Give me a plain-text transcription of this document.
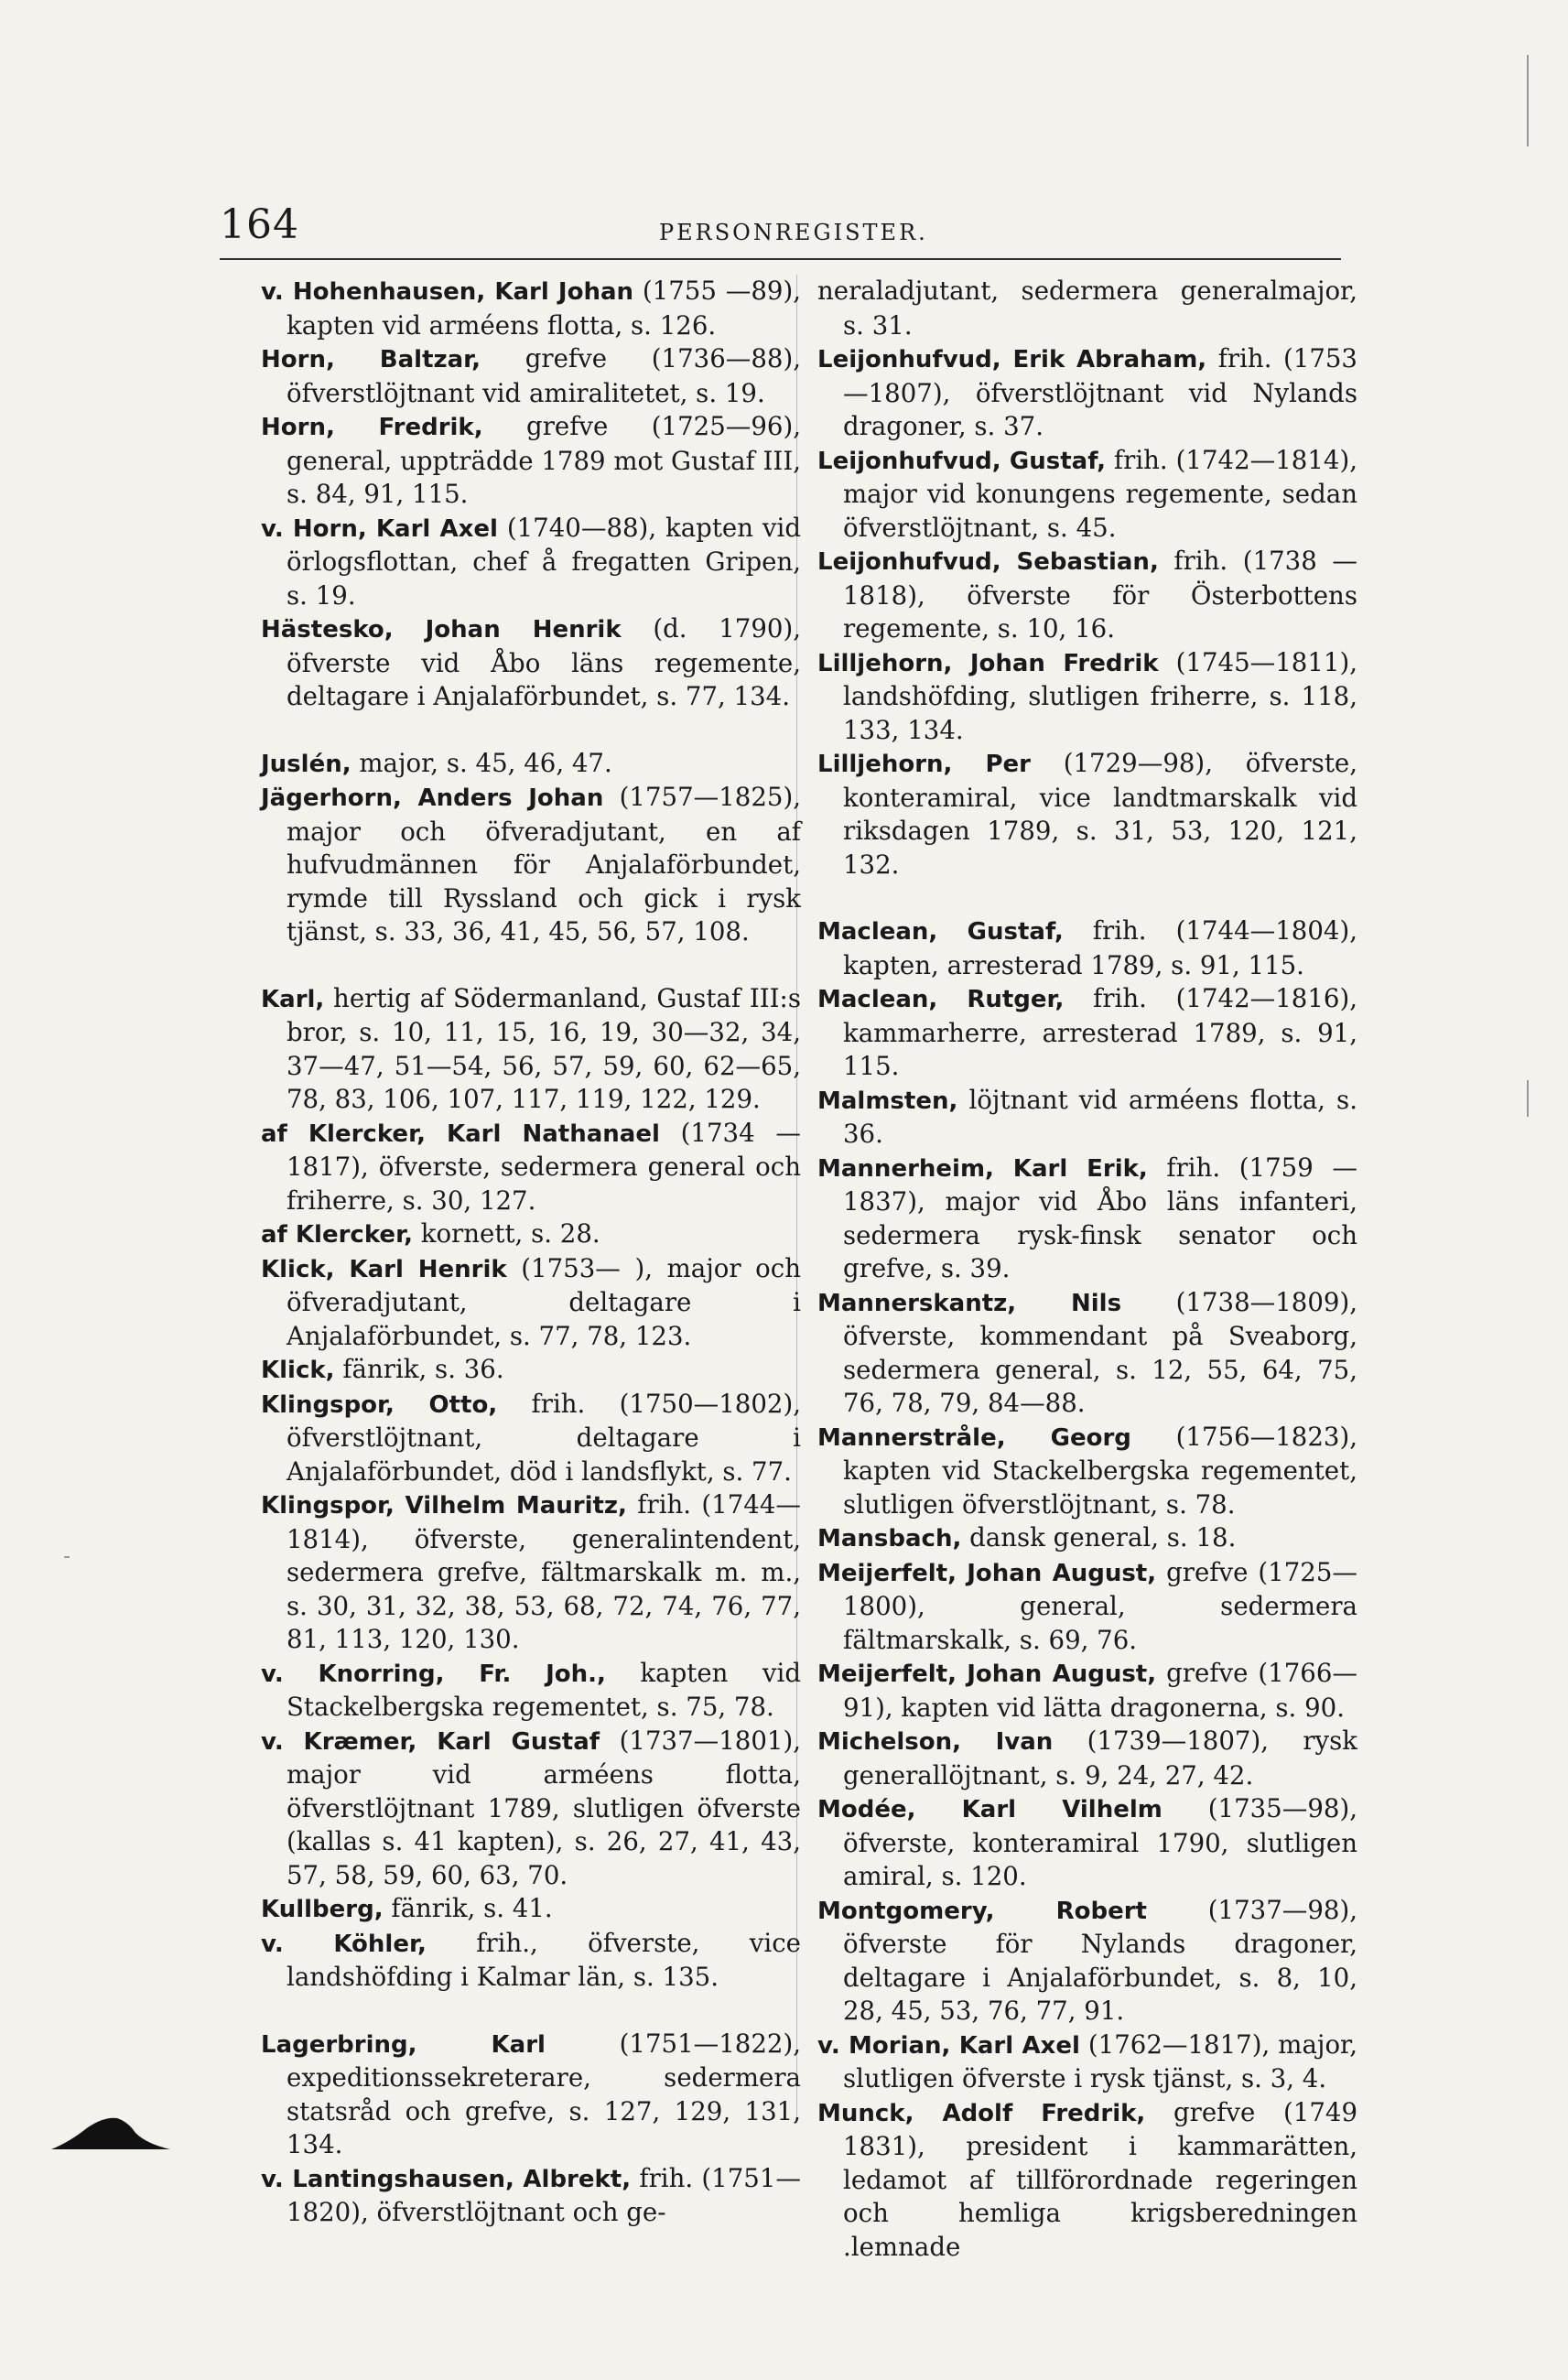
164	PERSONREGISTER.

v. Hohenhausen, Karl Johan (1755 —89), kapten vid arméens flotta, s. 126.

Horn, Baltzar, grefve (1736—88), öfverstlöjtnant vid amiralitetet, s. 19.

Horn, Fredrik, grefve (1725—96), general, uppträdde 1789 mot Gustaf III, s. 84, 91, 115.

v. Horn, Karl Axel (1740—88), kapten vid örlogsflottan, chef å fregatten Gripen, s. 19.

Hästesko, Johan Henrik (d. 1790), öfverste vid Åbo läns regemente, deltagare i Anjalaförbundet, s. 77, 134.

Juslén, major, s. 45, 46, 47.

Jägerhorn, Anders Johan (1757—1825), major och öfveradjutant, en af hufvudmännen för Anjalaförbundet, rymde till Ryssland och gick i rysk tjänst, s. 33, 36, 41, 45, 56, 57, 108.

Karl, hertig af Södermanland, Gustaf III:s bror, s. 10, 11, 15, 16, 19, 30—32, 34, 37—47, 51—54, 56, 57, 59, 60, 62—65, 78, 83, 106, 107, 117, 119, 122, 129.

af Klercker, Karl Nathanael (1734 —1817), öfverste, sedermera general och friherre, s. 30, 127.

af Klercker, kornett, s. 28.

Klick, Karl Henrik (1753— ), major och öfveradjutant, deltagare i Anjalaförbundet, s. 77, 78, 123.

Klick, fänrik, s. 36.

Klingspor, Otto, frih. (1750—1802), öfverstlöjtnant, deltagare i Anjalaförbundet, död i landsflykt, s. 77.

Klingspor, Vilhelm Mauritz, frih. (1744—1814), öfverste, generalintendent, sedermera grefve, fältmarskalk m. m., s. 30, 31, 32, 38, 53, 68, 72, 74, 76, 77, 81, 113, 120, 130.

v. Knorring, Fr. Joh., kapten vid Stackelbergska regementet, s. 75, 78.

v. Kræmer, Karl Gustaf (1737—1801), major vid arméens flotta, öfverstlöjtnant 1789, slutligen öfverste (kallas s. 41 kapten), s. 26, 27, 41, 43, 57, 58, 59, 60, 63, 70.

Kullberg, fänrik, s. 41.

v. Köhler, frih., öfverste, vice landshöfding i Kalmar län, s. 135.

Lagerbring, Karl (1751—1822), expeditionssekreterare, sedermera statsråd och grefve, s. 127, 129, 131, 134.

v. Lantingshausen, Albrekt, frih. (1751—1820), öfverstlöjtnant och ge-

neraladjutant, sedermera generalmajor, s. 31.

Leijonhufvud, Erik Abraham, frih. (1753—1807), öfverstlöjtnant vid Nylands dragoner, s. 37.

Leijonhufvud, Gustaf, frih. (1742—1814), major vid konungens regemente, sedan öfverstlöjtnant, s. 45.

Leijonhufvud, Sebastian, frih. (1738 —1818), öfverste för Österbottens regemente, s. 10, 16.

Lilljehorn, Johan Fredrik (1745—1811), landshöfding, slutligen friherre, s. 118, 133, 134.

Lilljehorn, Per (1729—98), öfverste, konteramiral, vice landtmarskalk vid riksdagen 1789, s. 31, 53, 120, 121, 132.

Maclean, Gustaf, frih. (1744—1804), kapten, arresterad 1789, s. 91, 115.

Maclean, Rutger, frih. (1742—1816), kammarherre, arresterad 1789, s. 91, 115.

Malmsten, löjtnant vid arméens flotta, s. 36.

Mannerheim, Karl Erik, frih. (1759 —1837), major vid Åbo läns infanteri, sedermera rysk-finsk senator och grefve, s. 39.

Mannerskantz, Nils (1738—1809), öfverste, kommendant på Sveaborg, sedermera general, s. 12, 55, 64, 75, 76, 78, 79, 84—88.

Mannerstråle, Georg (1756—1823), kapten vid Stackelbergska regementet, slutligen öfverstlöjtnant, s. 78.

Mansbach, dansk general, s. 18.

Meijerfelt, Johan August, grefve (1725—1800), general, sedermera fältmarskalk, s. 69, 76.

Meijerfelt, Johan August, grefve (1766—91), kapten vid lätta dragonerna, s. 90.

Michelson, Ivan (1739—1807), rysk generallöjtnant, s. 9, 24, 27, 42.

Modée, Karl Vilhelm (1735—98), öfverste, konteramiral 1790, slutligen amiral, s. 120.

Montgomery, Robert (1737—98), öfverste för Nylands dragoner, deltagare i Anjalaförbundet, s. 8, 10, 28, 45, 53, 76, 77, 91.

v. Morian, Karl Axel (1762—1817), major, slutligen öfverste i rysk tjänst, s. 3, 4.

Munck, Adolf Fredrik, grefve (1749 1831), president i kammarätten, ledamot af tillförordnade regeringen och hemliga krigsberedningen .lemnade
